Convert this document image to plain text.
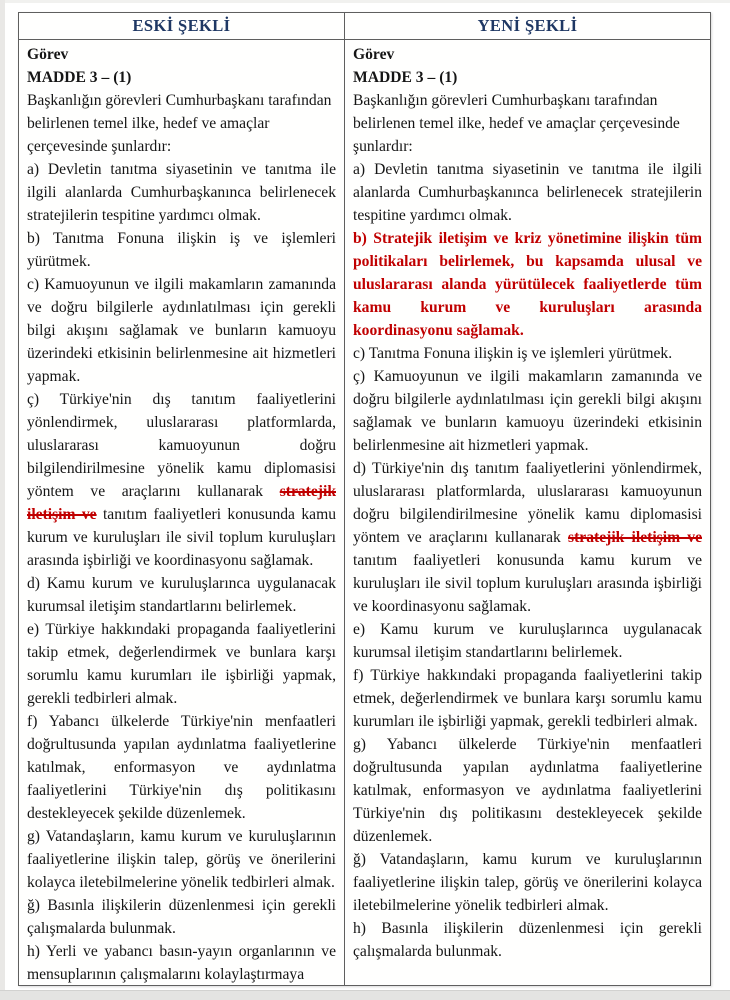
ESKİ ŞEKLİ	YENİ ŞEKLİ

Görev

MADDE 3 – (1)

Başkanlığın görevleri Cumhurbaşkanı tarafından belirlenen temel ilke, hedef ve amaçlar çerçevesinde şunlardır:

a) Devletin tanıtma siyasetinin ve tanıtma ile ilgili alanlarda Cumhurbaşkanınca belirlenecek stratejilerin tespitine yardımcı olmak.

b) Tanıtma Fonuna ilişkin iş ve işlemleri yürütmek.

c) Kamuoyunun ve ilgili makamların zamanında ve doğru bilgilerle aydınlatılması için gerekli bilgi akışını sağlamak ve bunların kamuoyu üzerindeki etkisinin belirlenmesine ait hizmetleri yapmak.

ç) Türkiye'nin dış tanıtım faaliyetlerini yönlendirmek, uluslararası platformlarda, uluslararası kamuoyunun doğru bilgilendirilmesine yönelik kamu diplomasisi yöntem ve araçlarını kullanarak stratejik iletişim ve tanıtım faaliyetleri konusunda kamu kurum ve kuruluşları ile sivil toplum kuruluşları arasında işbirliği ve koordinasyonu sağlamak.

d) Kamu kurum ve kuruluşlarınca uygulanacak kurumsal iletişim standartlarını belirlemek.

e) Türkiye hakkındaki propaganda faaliyetlerini takip etmek, değerlendirmek ve bunlara karşı sorumlu kamu kurumları ile işbirliği yapmak, gerekli tedbirleri almak.

f) Yabancı ülkelerde Türkiye'nin menfaatleri doğrultusunda yapılan aydınlatma faaliyetlerine katılmak, enformasyon ve aydınlatma faaliyetlerini Türkiye'nin dış politikasını destekleyecek şekilde düzenlemek.

g) Vatandaşların, kamu kurum ve kuruluşlarının faaliyetlerine ilişkin talep, görüş ve önerilerini kolayca iletebilmelerine yönelik tedbirleri almak.

ğ) Basınla ilişkilerin düzenlenmesi için gerekli çalışmalarda bulunmak.

h) Yerli ve yabancı basın-yayın organlarının ve mensuplarının çalışmalarını kolaylaştırmaya

Görev

MADDE 3 – (1)

Başkanlığın görevleri Cumhurbaşkanı tarafından belirlenen temel ilke, hedef ve amaçlar çerçevesinde şunlardır:

a) Devletin tanıtma siyasetinin ve tanıtma ile ilgili alanlarda Cumhurbaşkanınca belirlenecek stratejilerin tespitine yardımcı olmak.

b) Stratejik iletişim ve kriz yönetimine ilişkin tüm politikaları belirlemek, bu kapsamda ulusal ve uluslararası alanda yürütülecek faaliyetlerde tüm kamu kurum ve kuruluşları arasında koordinasyonu sağlamak.

c) Tanıtma Fonuna ilişkin iş ve işlemleri yürütmek.

ç) Kamuoyunun ve ilgili makamların zamanında ve doğru bilgilerle aydınlatılması için gerekli bilgi akışını sağlamak ve bunların kamuoyu üzerindeki etkisinin belirlenmesine ait hizmetleri yapmak.

d) Türkiye'nin dış tanıtım faaliyetlerini yönlendirmek, uluslararası platformlarda, uluslararası kamuoyunun doğru bilgilendirilmesine yönelik kamu diplomasisi yöntem ve araçlarını kullanarak stratejik iletişim ve tanıtım faaliyetleri konusunda kamu kurum ve kuruluşları ile sivil toplum kuruluşları arasında işbirliği ve koordinasyonu sağlamak.

e) Kamu kurum ve kuruluşlarınca uygulanacak kurumsal iletişim standartlarını belirlemek.

f) Türkiye hakkındaki propaganda faaliyetlerini takip etmek, değerlendirmek ve bunlara karşı sorumlu kamu kurumları ile işbirliği yapmak, gerekli tedbirleri almak.

g) Yabancı ülkelerde Türkiye'nin menfaatleri doğrultusunda yapılan aydınlatma faaliyetlerine katılmak, enformasyon ve aydınlatma faaliyetlerini Türkiye'nin dış politikasını destekleyecek şekilde düzenlemek.

ğ) Vatandaşların, kamu kurum ve kuruluşlarının faaliyetlerine ilişkin talep, görüş ve önerilerini kolayca iletebilmelerine yönelik tedbirleri almak.

h) Basınla ilişkilerin düzenlenmesi için gerekli çalışmalarda bulunmak.
